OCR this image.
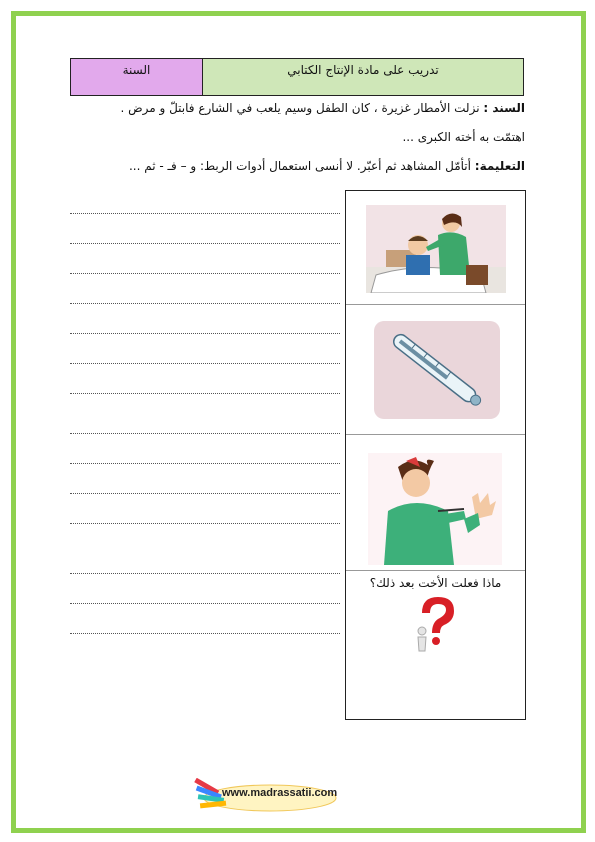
السنة	تدريب على مادة الإنتاج الكتابي
السند : نزلت الأمطار غزيرة ، كان الطفل وسيم يلعب في الشارع فابتلّ و مرض .
اهتمّت به أخته الكبرى ...
التعليمة: أتأمّل المشاهد ثم أعبّر. لا أنسى استعمال أدوات الربط: و – فـ - ثم ...
ماذا فعلت الأخت بعد ذلك؟
www.madrassatii.com
